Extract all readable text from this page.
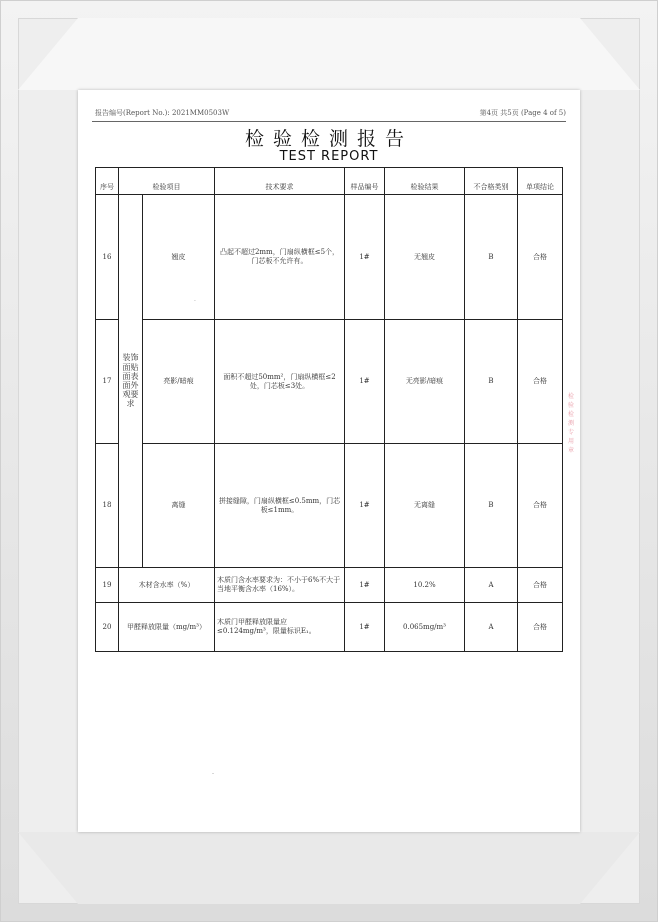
报告编号(Report No.): 2021MM0503W	第4页 共5页 (Page 4 of 5)
检验检测报告
TEST REPORT
序号	检验项目		技术要求	样品编号	检验结果	不合格类别	单项结论
16	装饰面贴面表面外观要求	翘皮	凸起不超过2mm，门扇纵横框≤5个，门芯板不允许有。	1#	无翘皮	B	合格
17		亮影/暗痕	面积不超过50mm²，门扇纵横框≤2处，门芯板≤3处。	1#	无亮影/暗痕	B	合格
18		离缝	拼接缝隙，门扇纵横框≤0.5mm，门芯板≤1mm。	1#	无离缝	B	合格
19	木材含水率（%）		木质门含水率要求为：不小于6%不大于当地平衡含水率（16%）。	1#	10.2%	A	合格
20	甲醛释放限量（mg/m³）		木质门甲醛释放限量应≤0.124mg/m³，限量标识E₁。	1#	0.065mg/m³	A	合格
检验检测专用章
.
-
